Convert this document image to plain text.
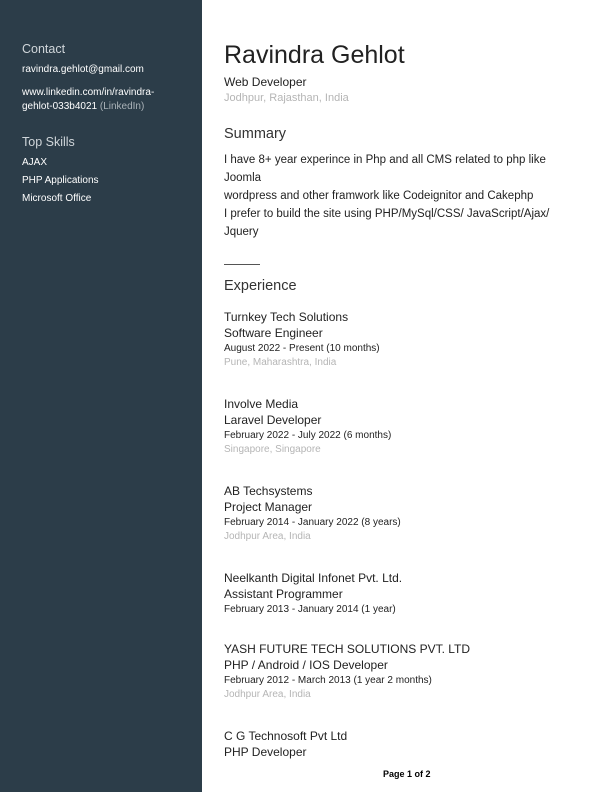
Contact
ravindra.gehlot@gmail.com
www.linkedin.com/in/ravindra-
gehlot-033b4021 (LinkedIn)
Top Skills
AJAX
PHP Applications
Microsoft Office
Ravindra Gehlot
Web Developer
Jodhpur, Rajasthan, India
Summary
I have 8+ year experince in Php and all CMS related to php like
Joomla
wordpress and other framwork like Codeignitor and Cakephp
I prefer to build the site using PHP/MySql/CSS/ JavaScript/Ajax/
Jquery
Experience
Turnkey Tech Solutions
Software Engineer
August 2022 - Present (10 months)
Pune, Maharashtra, India
Involve Media
Laravel Developer
February 2022 - July 2022 (6 months)
Singapore, Singapore
AB Techsystems
Project Manager
February 2014 - January 2022 (8 years)
Jodhpur Area, India
Neelkanth Digital Infonet Pvt. Ltd.
Assistant Programmer
February 2013 - January 2014 (1 year)
YASH FUTURE TECH SOLUTIONS PVT. LTD
PHP / Android / IOS Developer
February 2012 - March 2013 (1 year 2 months)
Jodhpur Area, India
C G Technosoft Pvt Ltd
PHP Developer
Page 1 of 2
